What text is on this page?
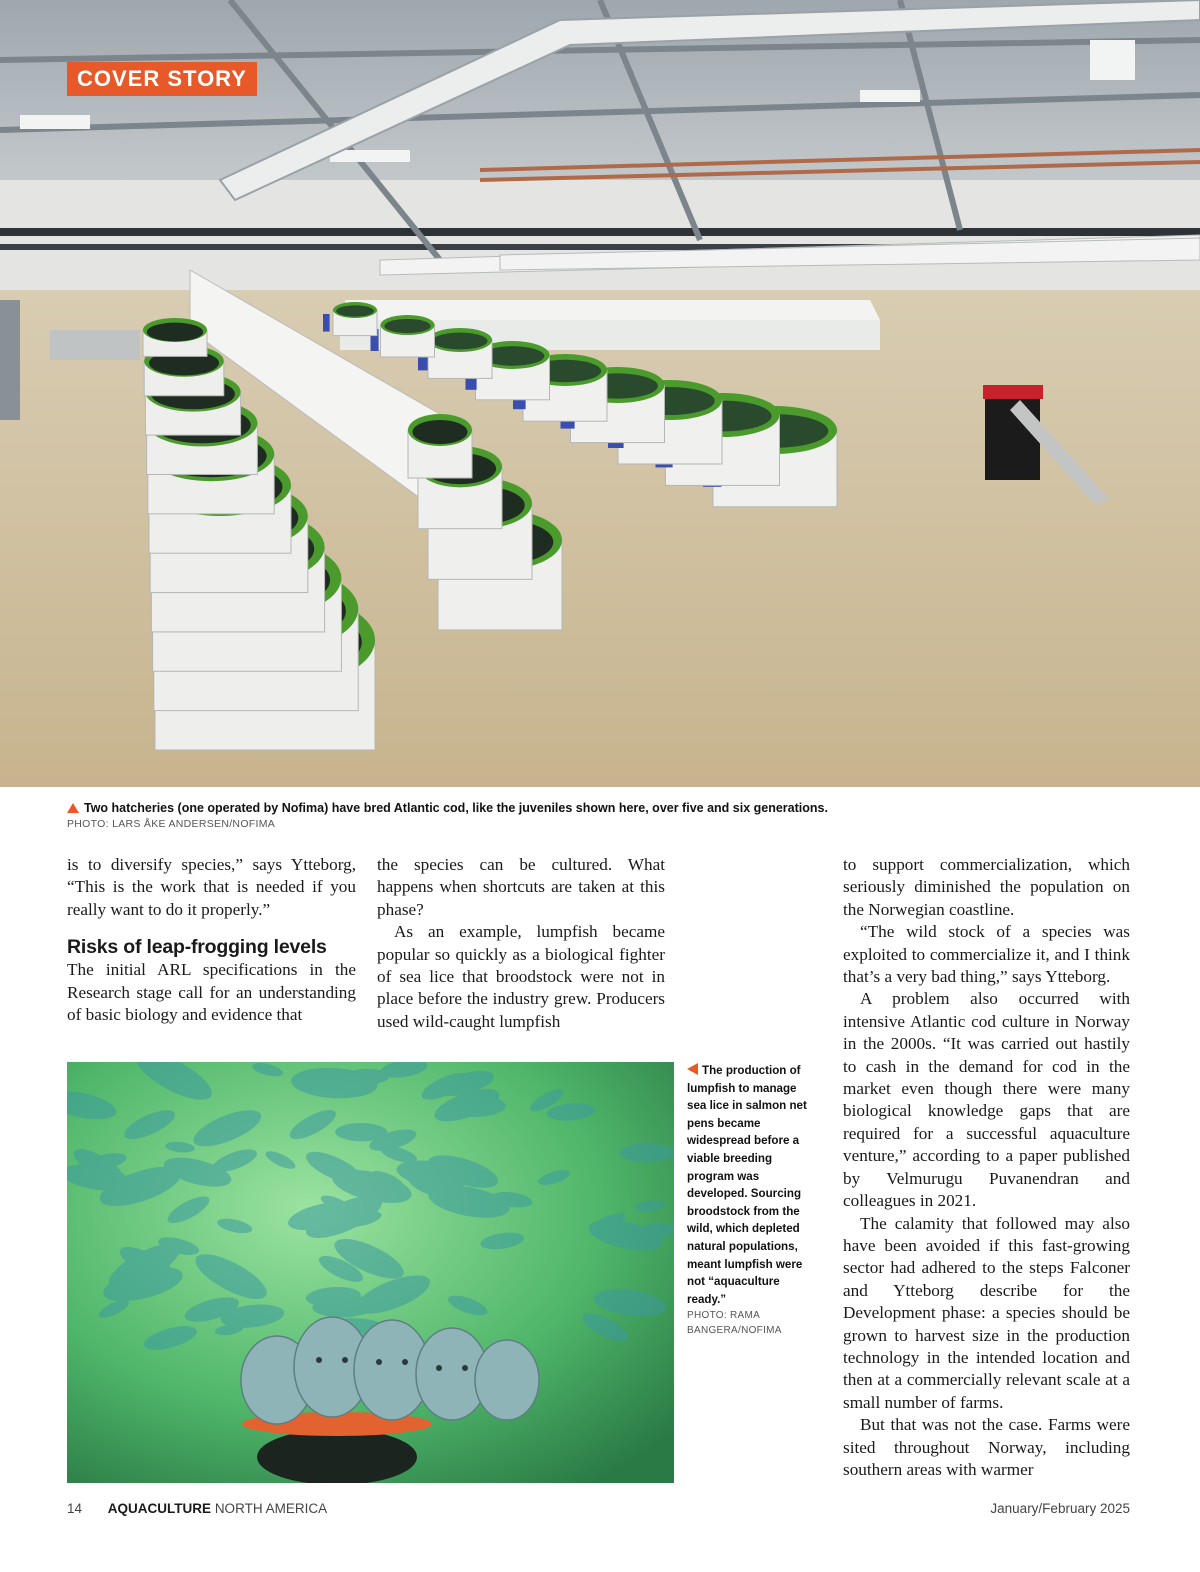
COVER STORY
Two hatcheries (one operated by Nofima) have bred Atlantic cod, like the juveniles shown here, over five and six generations.
PHOTO: LARS ÅKE ANDERSEN/NOFIMA

is to diversify species,” says Ytteborg, “This is the work that is needed if you really want to do it properly.”

Risks of leap-frogging levels

The initial ARL specifications in the Research stage call for an understanding of basic biology and evidence that

the species can be cultured. What happens when shortcuts are taken at this phase?

As an example, lumpfish became popular so quickly as a biological fighter of sea lice that broodstock were not in place before the industry grew. Producers used wild-caught lumpfish

to support commercialization, which seriously diminished the population on the Norwegian coastline.

“The wild stock of a species was exploited to commercialize it, and I think that’s a very bad thing,” says Ytteborg.

A problem also occurred with intensive Atlantic cod culture in Norway in the 2000s. “It was carried out hastily to cash in the demand for cod in the market even though there were many biological knowledge gaps that are required for a successful aquaculture venture,” according to a paper published by Velmurugu Puvanendran and colleagues in 2021.

The calamity that followed may also have been avoided if this fast-growing sector had adhered to the steps Falconer and Ytteborg describe for the Development phase: a species should be grown to harvest size in the production technology in the intended location and then at a commercially relevant scale at a small number of farms.

But that was not the case. Farms were sited throughout Norway, including southern areas with warmer

The production of lumpfish to manage sea lice in salmon net pens became widespread before a viable breeding program was developed. Sourcing broodstock from the wild, which depleted natural populations, meant lumpfish were not “aquaculture ready.”
PHOTO: RAMA BANGERA/NOFIMA
14 AQUACULTURE NORTH AMERICA	January/February 2025
